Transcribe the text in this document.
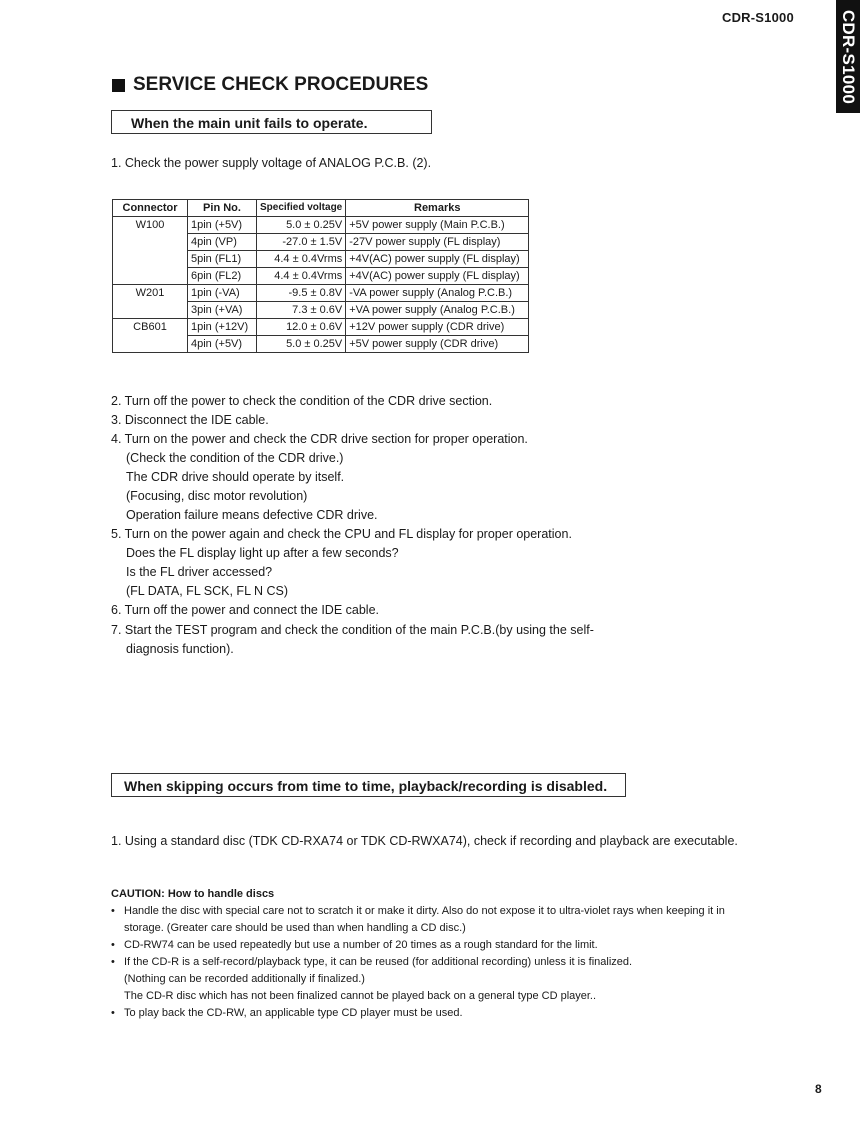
CDR-S1000	CDR-S1000
SERVICE CHECK PROCEDURES
When the main unit fails to operate.
1. Check the power supply voltage of ANALOG P.C.B. (2).
Connector	Pin No.	Specified voltage	Remarks
W100	1pin (+5V)	5.0 ± 0.25V	+5V power supply (Main P.C.B.)
	4pin (VP)	-27.0 ± 1.5V	-27V power supply (FL display)
	5pin (FL1)	4.4 ± 0.4Vrms	+4V(AC) power supply (FL display)
	6pin (FL2)	4.4 ± 0.4Vrms	+4V(AC) power supply (FL display)
W201	1pin (-VA)	-9.5 ± 0.8V	-VA power supply (Analog P.C.B.)
	3pin (+VA)	7.3 ± 0.6V	+VA power supply (Analog P.C.B.)
CB601	1pin (+12V)	12.0 ± 0.6V	+12V power supply (CDR drive)
	4pin (+5V)	5.0 ± 0.25V	+5V power supply (CDR drive)
2. Turn off the power to check the condition of the CDR drive section.
3. Disconnect the IDE cable.
4. Turn on the power and check the CDR drive section for proper operation.
(Check the condition of the CDR drive.)
The CDR drive should operate by itself.
(Focusing, disc motor revolution)
Operation failure means defective CDR drive.
5. Turn on the power again and check the CPU and FL display for proper operation.
Does the FL display light up after a few seconds?
Is the FL driver accessed?
(FL DATA, FL SCK, FL N CS)
6. Turn off the power and connect the IDE cable.
7. Start the TEST program and check the condition of the main P.C.B.(by using the self-
diagnosis function).
When skipping occurs from time to time, playback/recording is disabled.
1. Using a standard disc (TDK CD-RXA74 or TDK CD-RWXA74), check if recording and playback are executable.
CAUTION: How to handle discs
• Handle the disc with special care not to scratch it or make it dirty. Also do not expose it to ultra-violet rays when keeping it in
storage. (Greater care should be used than when handling a CD disc.)
• CD-RW74 can be used repeatedly but use a number of 20 times as a rough standard for the limit.
• If the CD-R is a self-record/playback type, it can be reused (for additional recording) unless it is finalized.
(Nothing can be recorded additionally if finalized.)
The CD-R disc which has not been finalized cannot be played back on a general type CD player..
• To play back the CD-RW, an applicable type CD player must be used.
8
